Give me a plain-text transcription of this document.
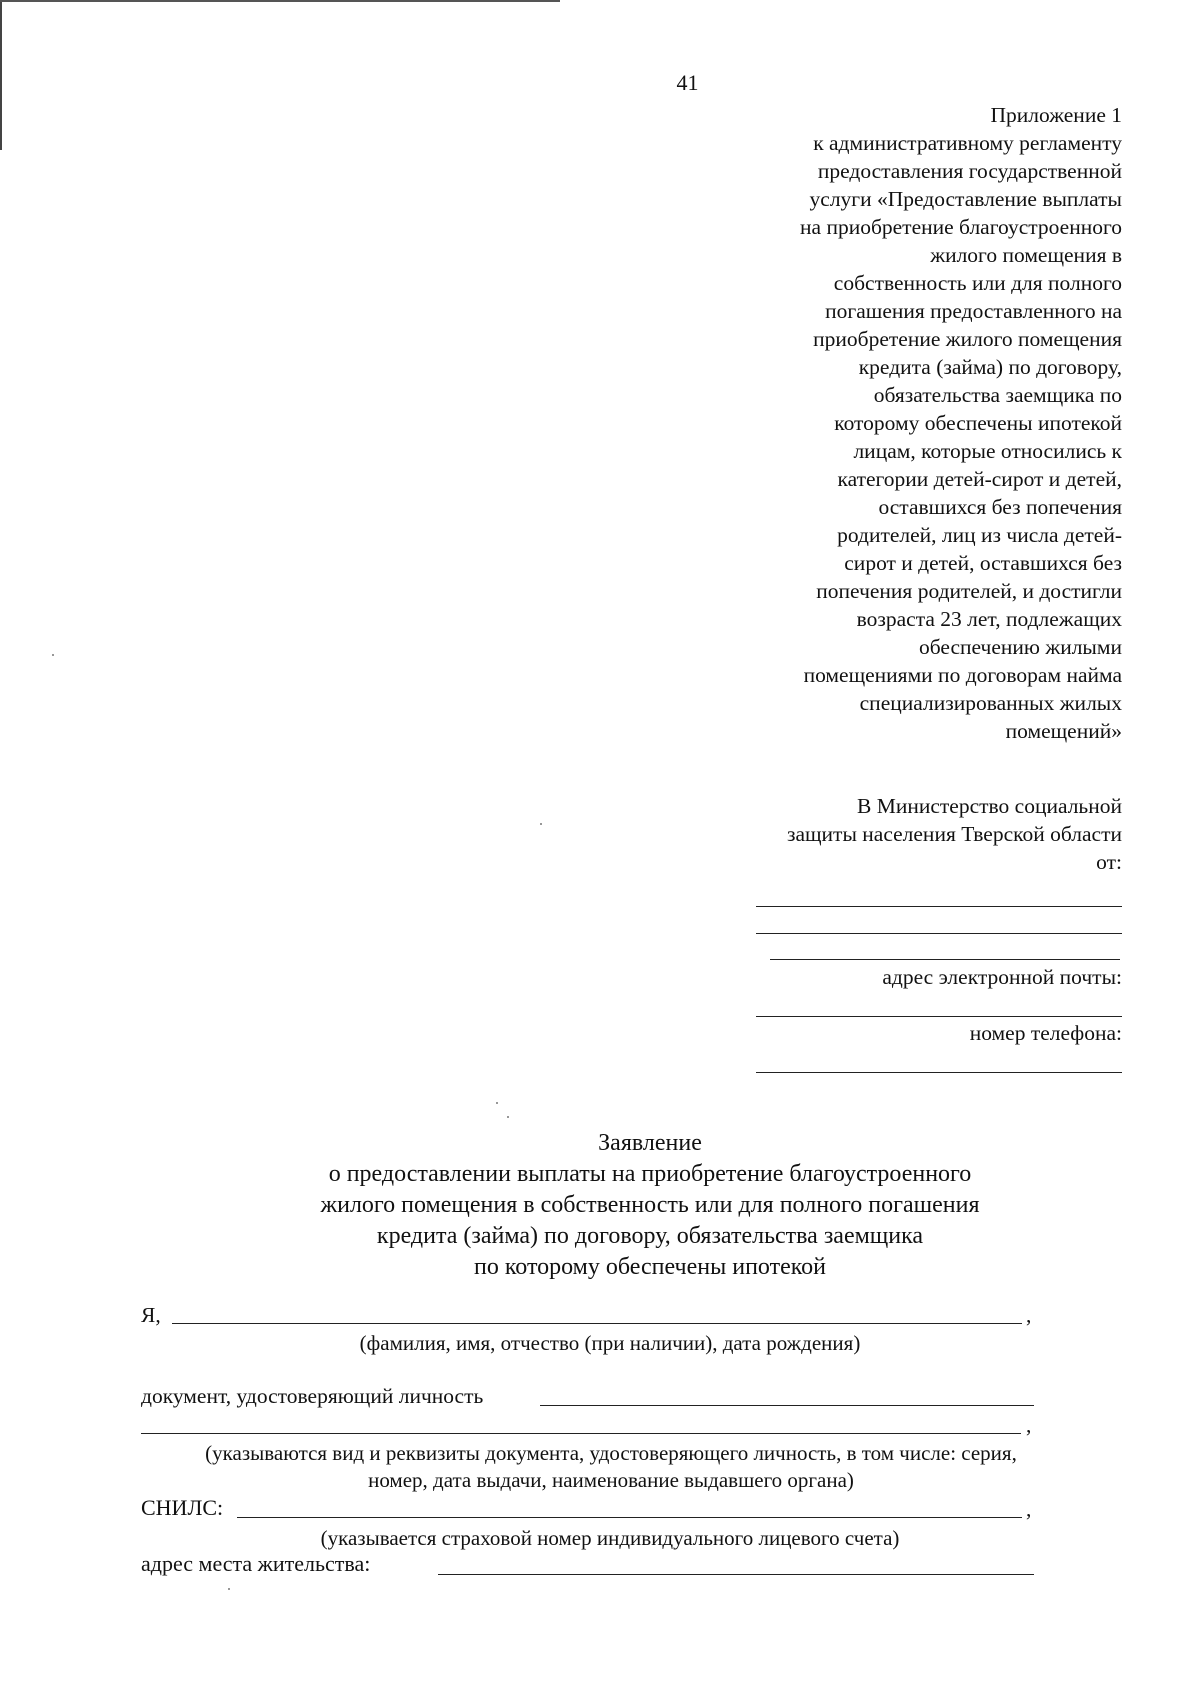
41
Приложение 1
к административному регламенту
предоставления государственной
услуги «Предоставление выплаты
на приобретение благоустроенного
жилого помещения в
собственность или для полного
погашения предоставленного на
приобретение жилого помещения
кредита (займа) по договору,
обязательства заемщика по
которому обеспечены ипотекой
лицам, которые относились к
категории детей-сирот и детей,
оставшихся без попечения
родителей, лиц из числа детей-
сирот и детей, оставшихся без
попечения родителей, и достигли
возраста 23 лет, подлежащих
обеспечению жилыми
помещениями по договорам найма
специализированных жилых
помещений»
В Министерство социальной
защиты населения Тверской области
от:
адрес электронной почты:
номер телефона:
Заявление
о предоставлении выплаты на приобретение благоустроенного
жилого помещения в собственность или для полного погашения
кредита (займа) по договору, обязательства заемщика
по которому обеспечены ипотекой
Я,	,
(фамилия, имя, отчество (при наличии), дата рождения)
документ, удостоверяющий личность
,
(указываются вид и реквизиты документа, удостоверяющего личность, в том числе: серия,
номер, дата выдачи, наименование выдавшего органа)
СНИЛС:	,
(указывается страховой номер индивидуального лицевого счета)
адрес места жительства:
